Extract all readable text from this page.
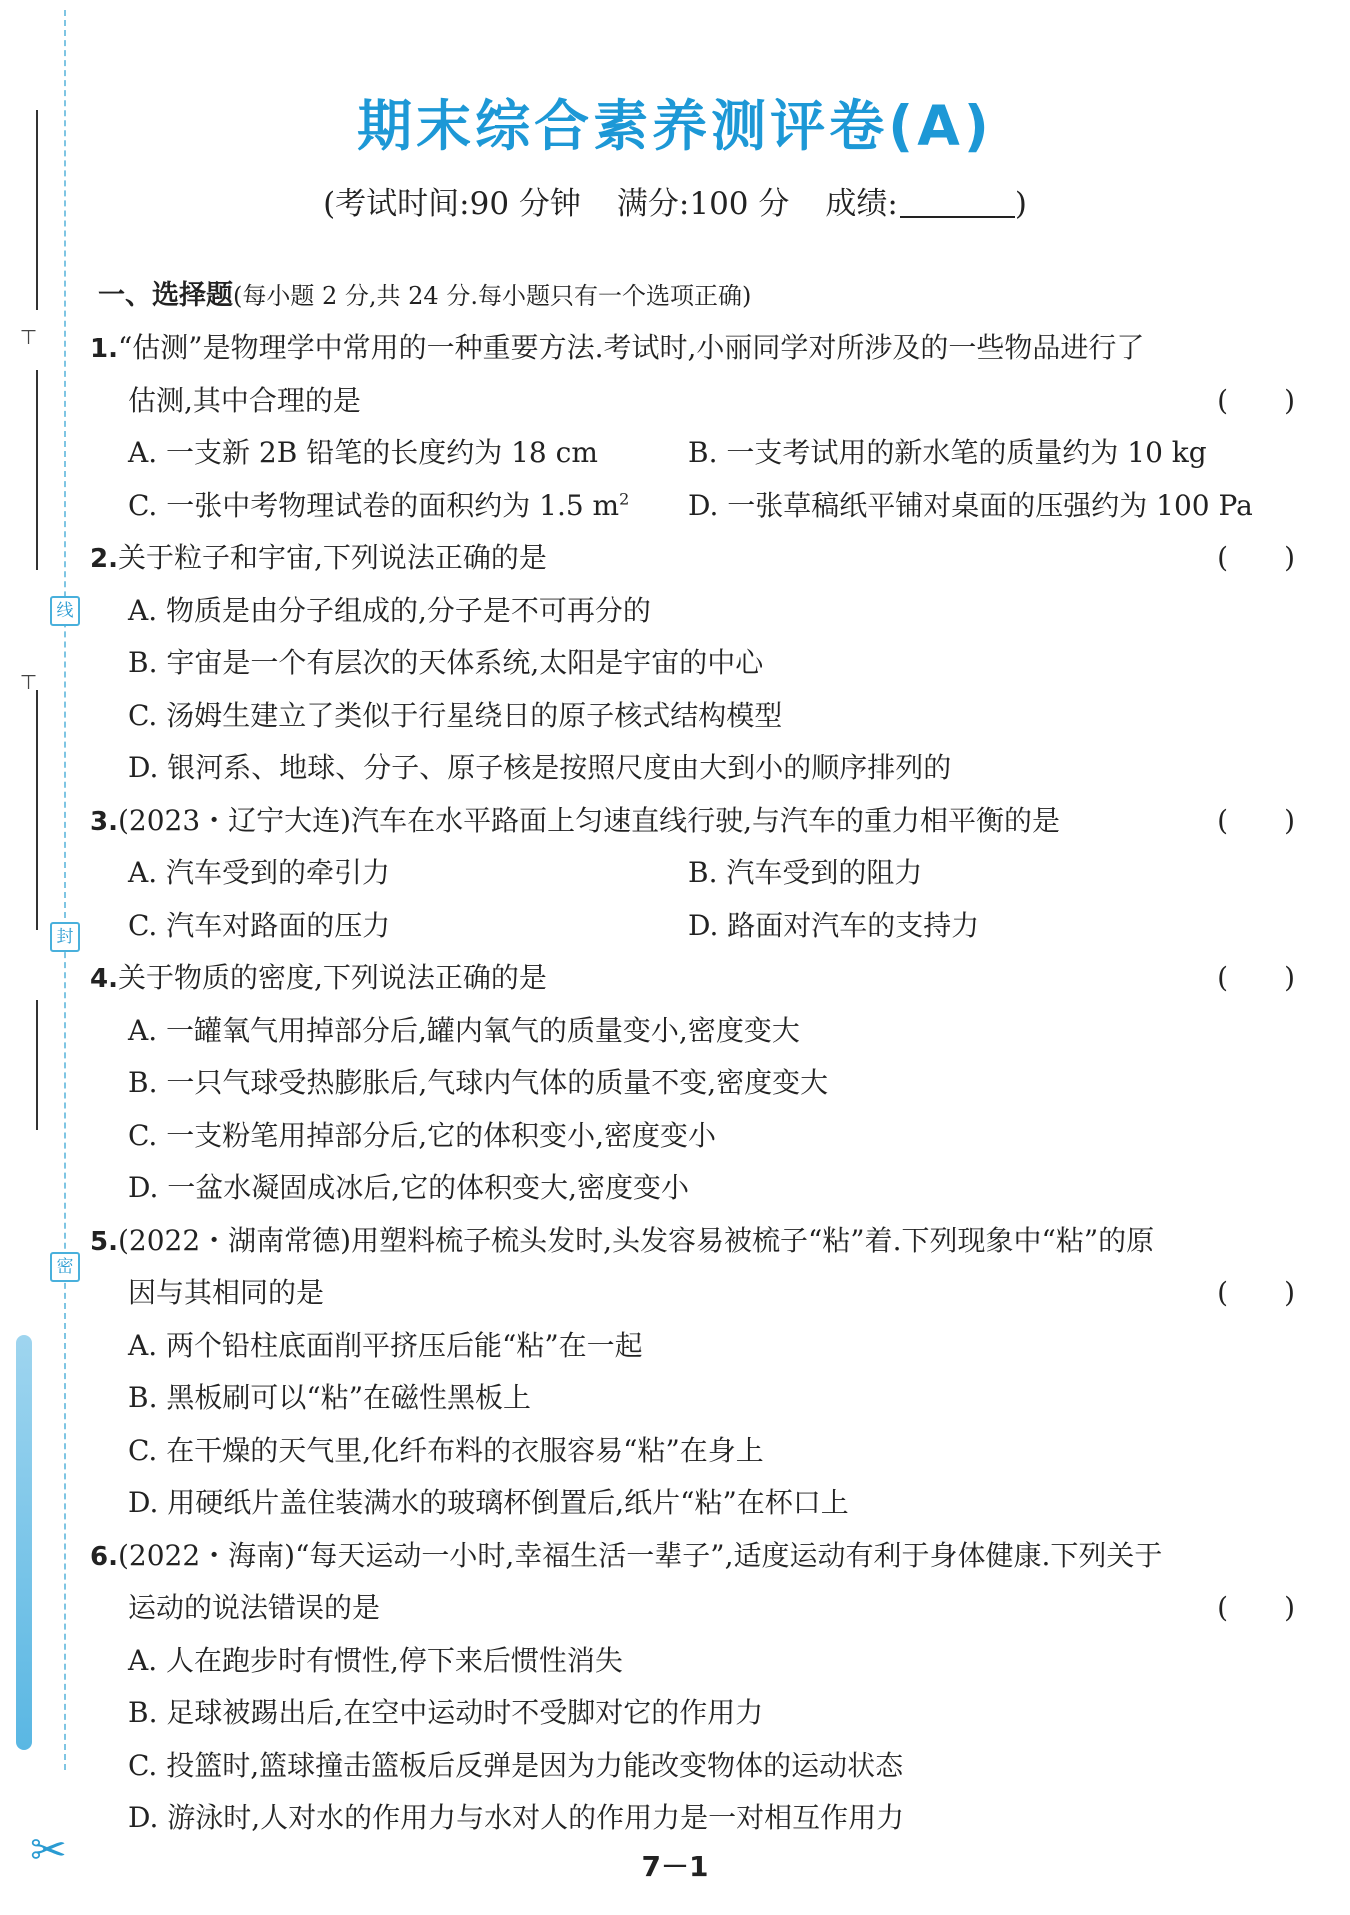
⊢
⊢
线
封
密
✂
期末综合素养测评卷(A)
(考试时间:90 分钟 满分:100 分 成绩:	)
一、选择题(每小题 2 分,共 24 分.每小题只有一个选项正确)
1.“估测”是物理学中常用的一种重要方法.考试时,小丽同学对所涉及的一些物品进行了
估测,其中合理的是	(　　)
A. 一支新 2B 铅笔的长度约为 18 cm	B. 一支考试用的新水笔的质量约为 10 kg
C. 一张中考物理试卷的面积约为 1.5 $m^2$	D. 一张草稿纸平铺对桌面的压强约为 100 Pa
2.关于粒子和宇宙,下列说法正确的是	(　　)
A. 物质是由分子组成的,分子是不可再分的
B. 宇宙是一个有层次的天体系统,太阳是宇宙的中心
C. 汤姆生建立了类似于行星绕日的原子核式结构模型
D. 银河系、地球、分子、原子核是按照尺度由大到小的顺序排列的
3.(2023・辽宁大连)汽车在水平路面上匀速直线行驶,与汽车的重力相平衡的是	(　　)
A. 汽车受到的牵引力	B. 汽车受到的阻力
C. 汽车对路面的压力	D. 路面对汽车的支持力
4.关于物质的密度,下列说法正确的是	(　　)
A. 一罐氧气用掉部分后,罐内氧气的质量变小,密度变大
B. 一只气球受热膨胀后,气球内气体的质量不变,密度变大
C. 一支粉笔用掉部分后,它的体积变小,密度变小
D. 一盆水凝固成冰后,它的体积变大,密度变小
5.(2022・湖南常德)用塑料梳子梳头发时,头发容易被梳子“粘”着.下列现象中“粘”的原
因与其相同的是	(　　)
A. 两个铅柱底面削平挤压后能“粘”在一起
B. 黑板刷可以“粘”在磁性黑板上
C. 在干燥的天气里,化纤布料的衣服容易“粘”在身上
D. 用硬纸片盖住装满水的玻璃杯倒置后,纸片“粘”在杯口上
6.(2022・海南)“每天运动一小时,幸福生活一辈子”,适度运动有利于身体健康.下列关于
运动的说法错误的是	(　　)
A. 人在跑步时有惯性,停下来后惯性消失
B. 足球被踢出后,在空中运动时不受脚对它的作用力
C. 投篮时,篮球撞击篮板后反弹是因为力能改变物体的运动状态
D. 游泳时,人对水的作用力与水对人的作用力是一对相互作用力
7－1
